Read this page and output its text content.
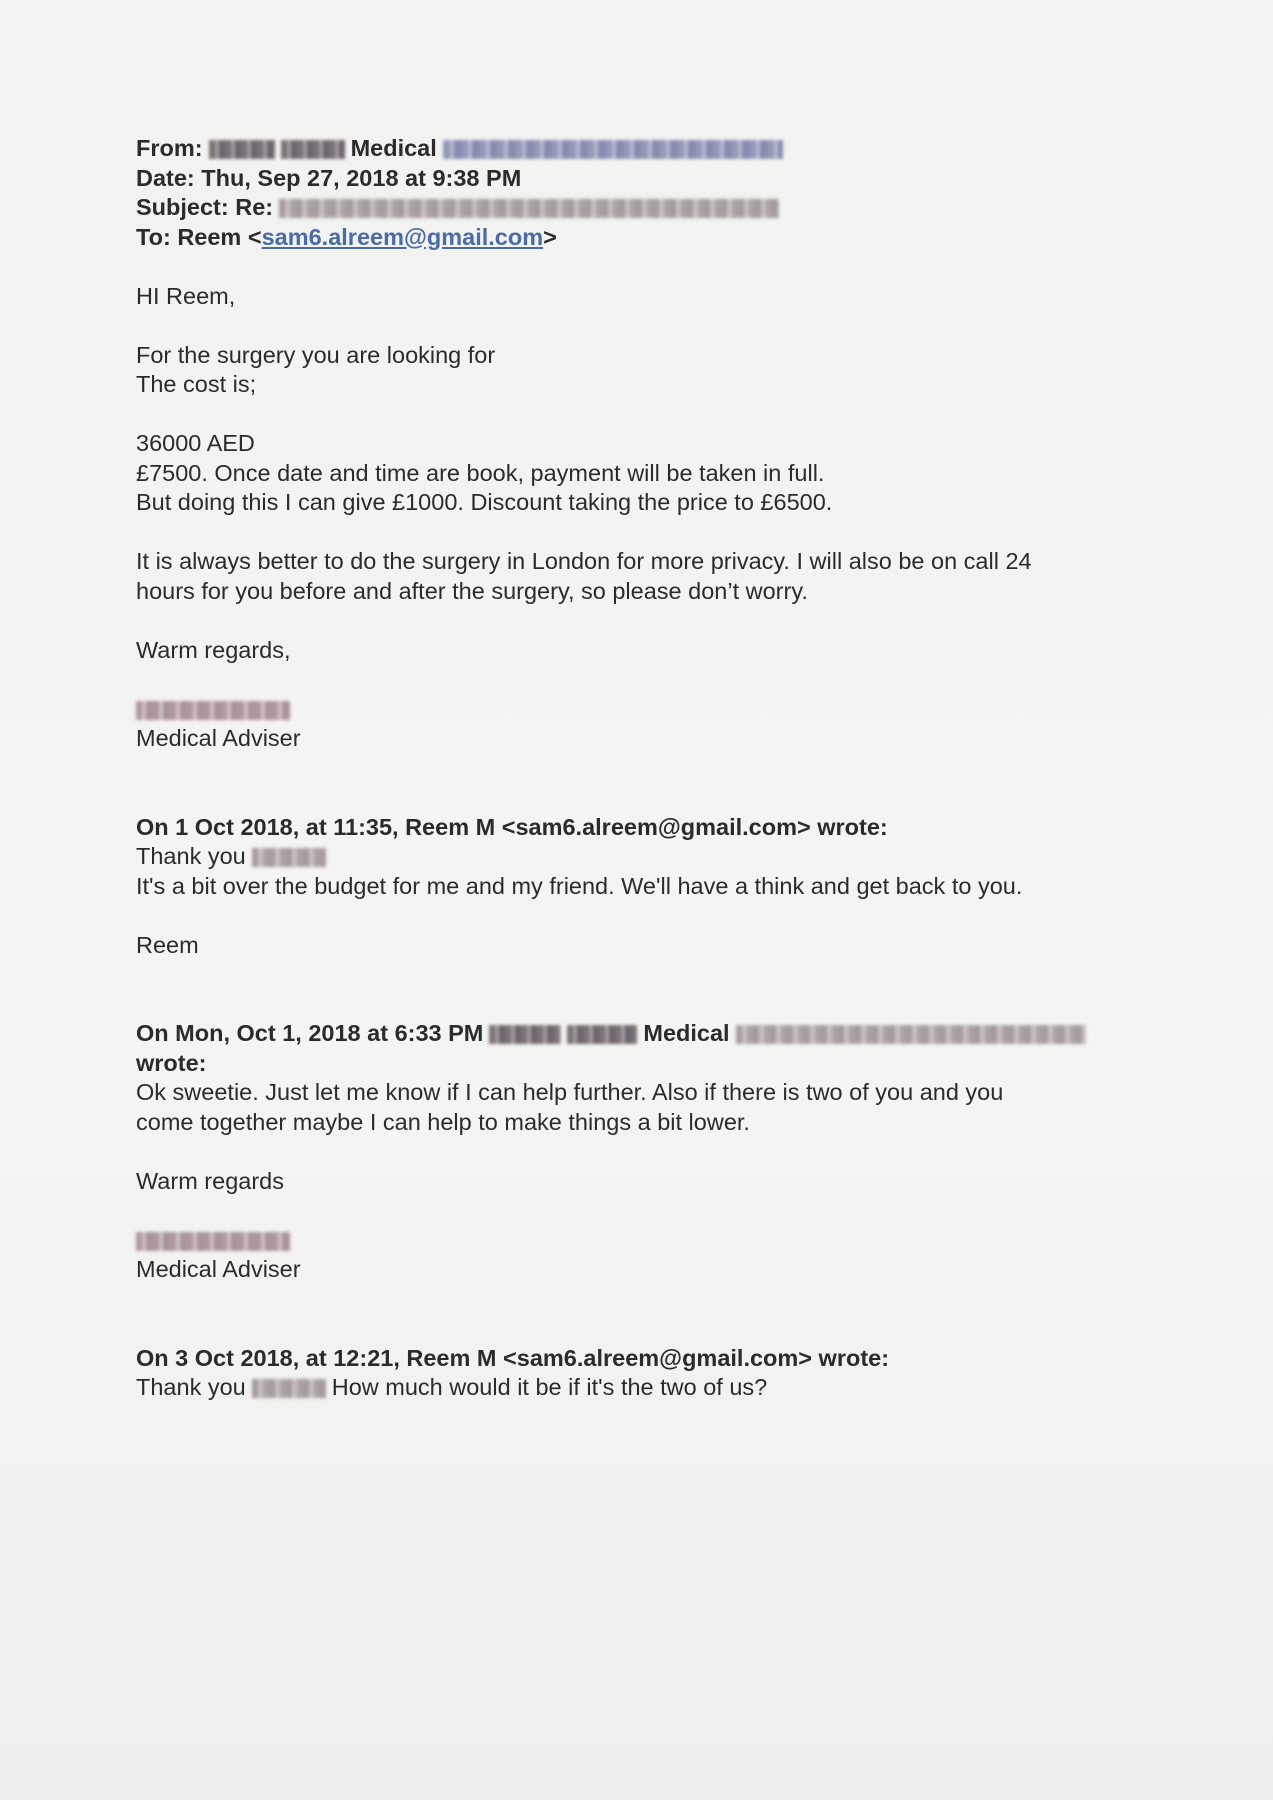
From:	Medical
Date: Thu, Sep 27, 2018 at 9:38 PM
Subject: Re:
To: Reem <sam6.alreem@gmail.com>
HI Reem,
For the surgery you are looking for
The cost is;
36000 AED
£7500. Once date and time are book, payment will be taken in full.
But doing this I can give £1000. Discount taking the price to £6500.
It is always better to do the surgery in London for more privacy. I will also be on call 24
hours for you before and after the surgery, so please don’t worry.
Warm regards,
Medical Adviser
On 1 Oct 2018, at 11:35, Reem M <sam6.alreem@gmail.com> wrote:
Thank you
It's a bit over the budget for me and my friend. We'll have a think and get back to you.
Reem
On Mon, Oct 1, 2018 at 6:33 PM	Medical
wrote:
Ok sweetie. Just let me know if I can help further. Also if there is two of you and you
come together maybe I can help to make things a bit lower.
Warm regards
Medical Adviser
On 3 Oct 2018, at 12:21, Reem M <sam6.alreem@gmail.com> wrote:
Thank you	How much would it be if it's the two of us?
